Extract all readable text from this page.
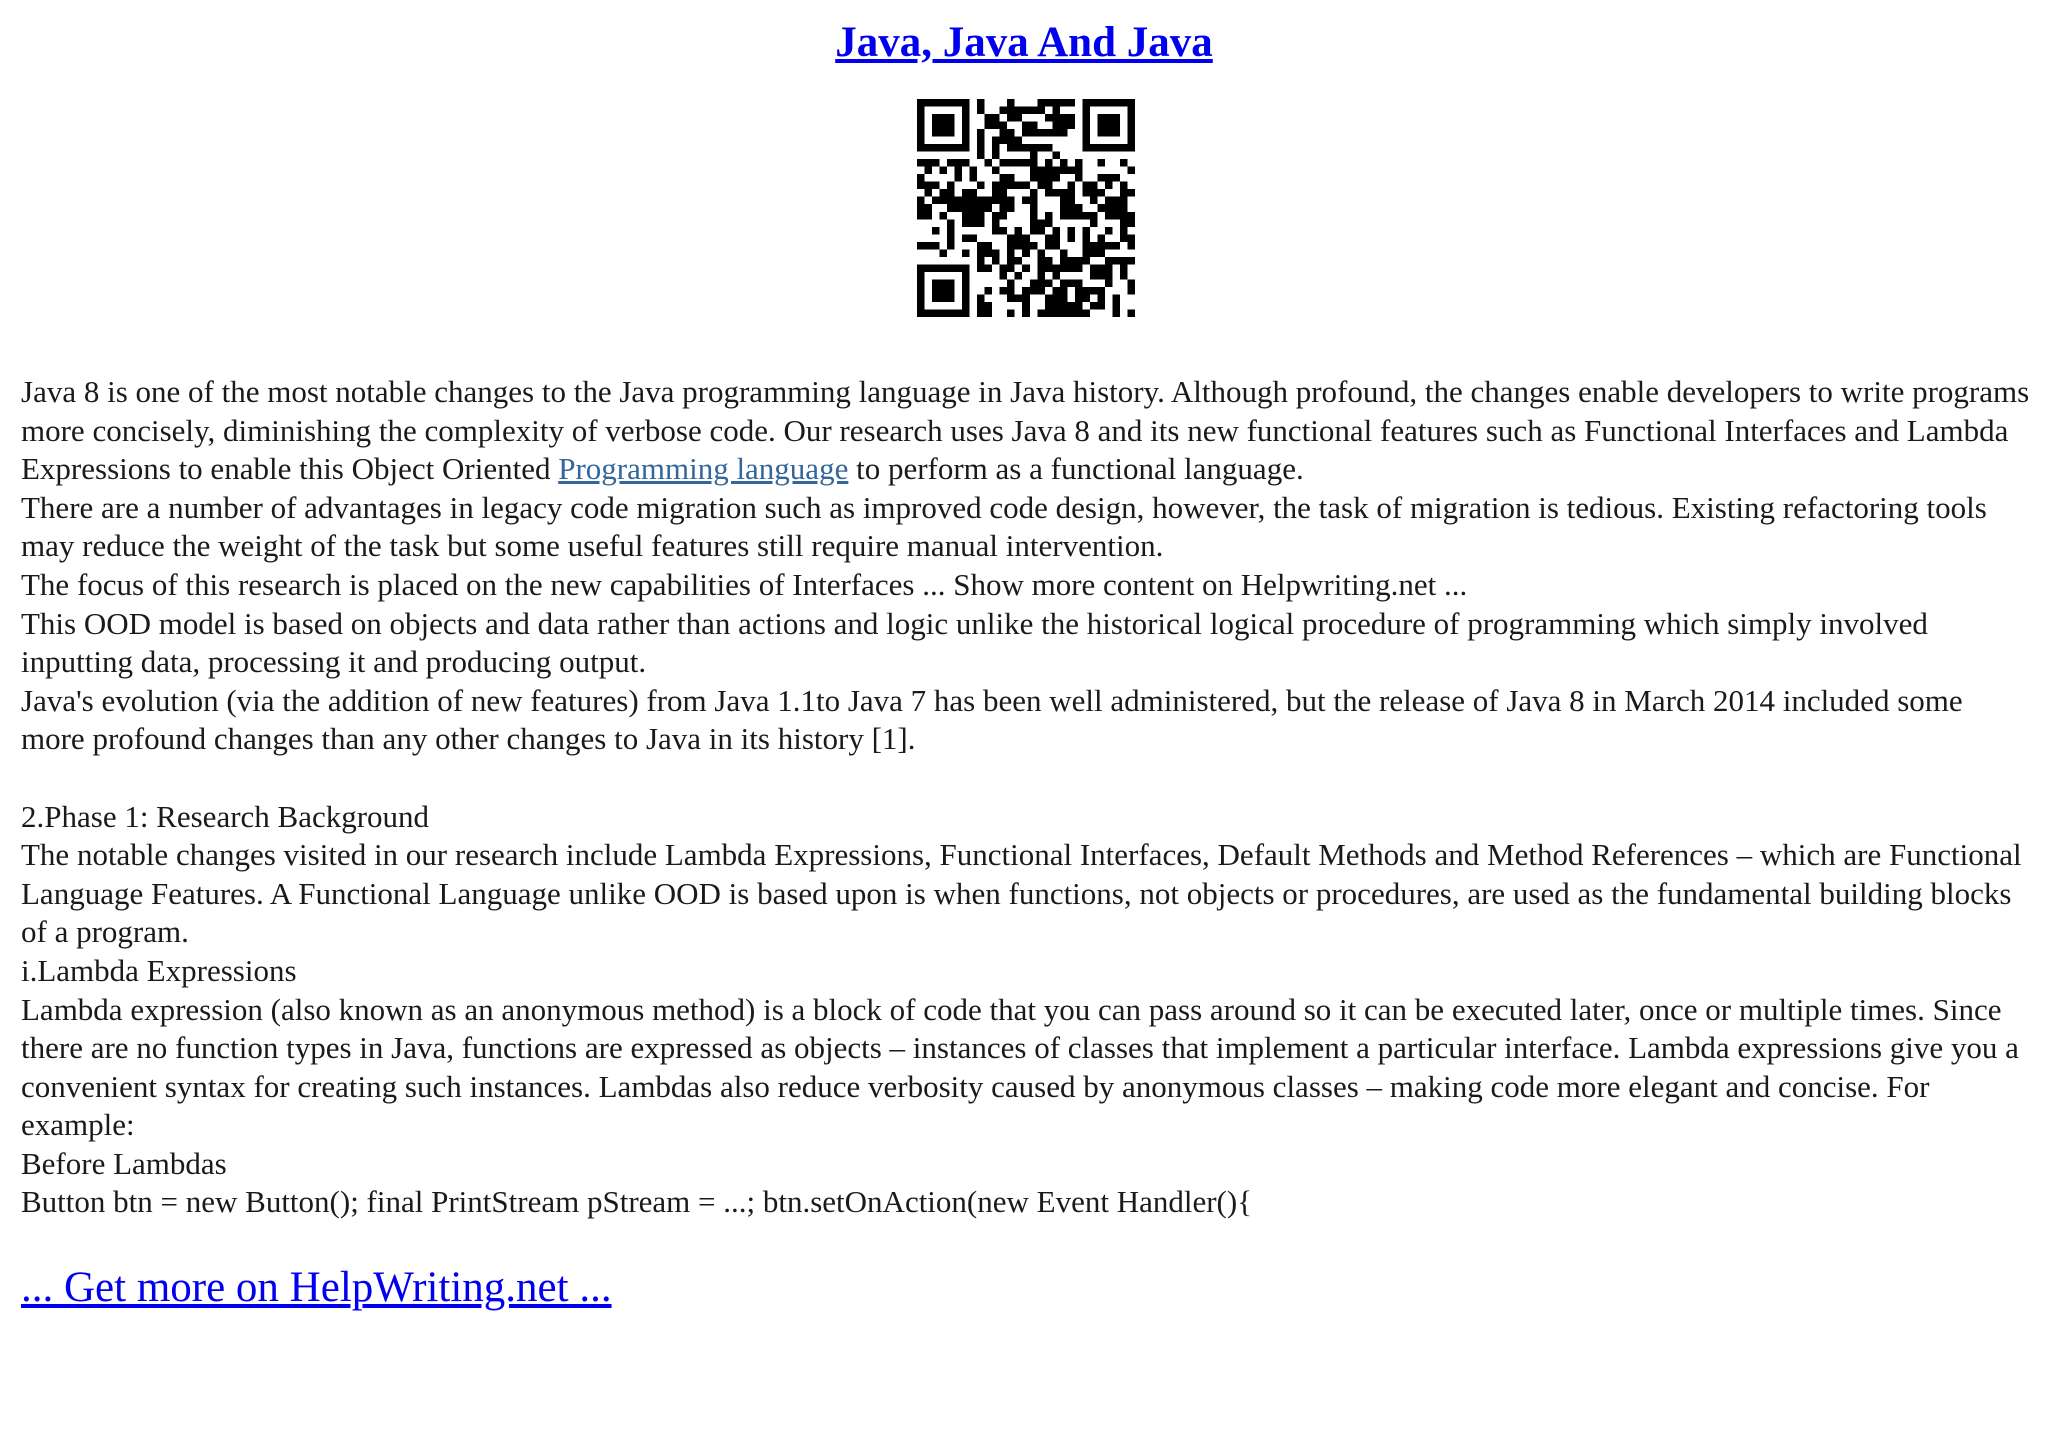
Java, Java And Java

Java 8 is one of the most notable changes to the Java programming language in Java history. Although profound, the changes enable developers to write programs more concisely, diminishing the complexity of verbose code. Our research uses Java 8 and its new functional features such as Functional Interfaces and Lambda Expressions to enable this Object Oriented Programming language to perform as a functional language.

There are a number of advantages in legacy code migration such as improved code design, however, the task of migration is tedious. Existing refactoring tools may reduce the weight of the task but some useful features still require manual intervention.

The focus of this research is placed on the new capabilities of Interfaces ... Show more content on Helpwriting.net ...

This OOD model is based on objects and data rather than actions and logic unlike the historical logical procedure of programming which simply involved inputting data, processing it and producing output.

Java's evolution (via the addition of new features) from Java 1.1to Java 7 has been well administered, but the release of Java 8 in March 2014 included some more profound changes than any other changes to Java in its history [1].

2.Phase 1: Research Background

The notable changes visited in our research include Lambda Expressions, Functional Interfaces, Default Methods and Method References – which are Functional Language Features. A Functional Language unlike OOD is based upon is when functions, not objects or procedures, are used as the fundamental building blocks of a program.

i.Lambda Expressions

Lambda expression (also known as an anonymous method) is a block of code that you can pass around so it can be executed later, once or multiple times. Since there are no function types in Java, functions are expressed as objects – instances of classes that implement a particular interface. Lambda expressions give you a convenient syntax for creating such instances. Lambdas also reduce verbosity caused by anonymous classes – making code more elegant and concise. For example:

Before Lambdas

Button btn = new Button(); final PrintStream pStream = ...; btn.setOnAction(new Event Handler(){

... Get more on HelpWriting.net ...
